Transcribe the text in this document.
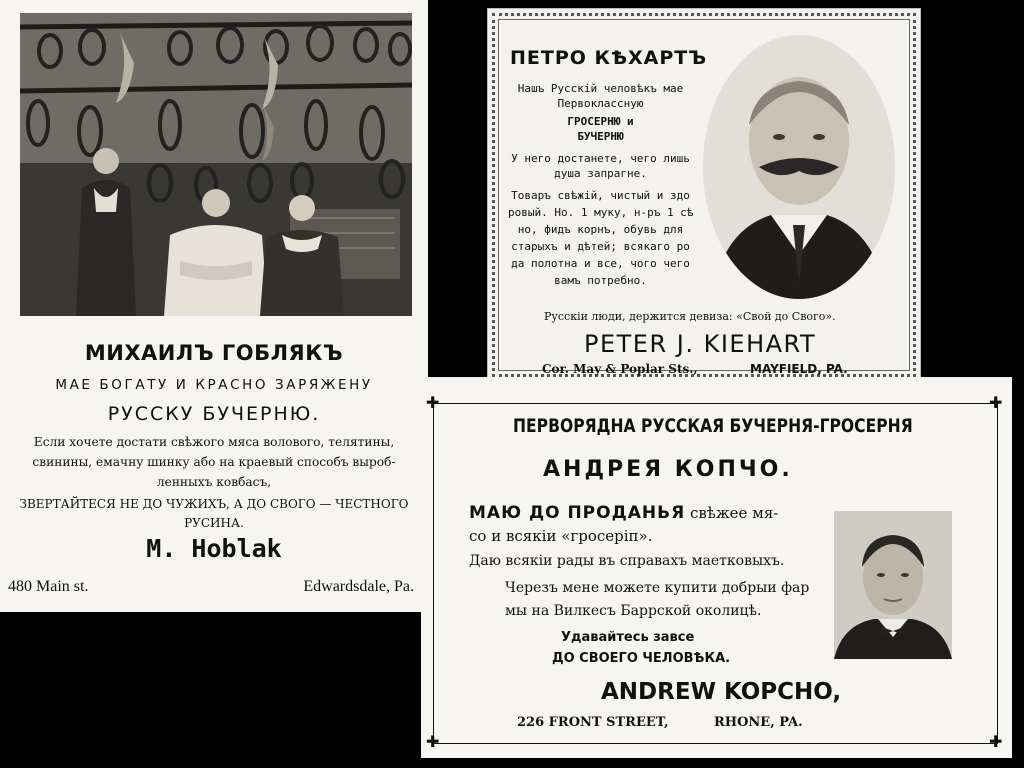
МИХАИЛЪ ГОБЛЯКЪ
МАЕ БОГАТУ И КРАСНО ЗАРЯЖЕНУ
РУССКУ БУЧЕРНЮ.
Если хочете достати свѣжого мяса волового, телятины,
свинины, емачну шинку або на краевый способъ выроб-
ленныхъ ковбасъ,
ЗВЕРТАЙТЕСЯ НЕ ДО ЧУЖИХЪ, А ДО СВОГО — ЧЕСТНОГО
РУСИНА.
M. Hoblak
480 Main st.	Edwardsdale, Pa.
ПЕТРО КѢХАРТЪ
Нашъ Русскій человѣкъ мае
Первоклассную
ГРОСЕРНЮ и
БУЧЕРНЮ
У него достанете, чего лишь
душа запрагне.
Товаръ свѣжій, чистый и здо
ровый. Но. 1 муку, н-ръ 1 сѣ
но, фидъ корнъ, обувь для
старыхъ и дѣтей; всякаго ро
да полотна и все, чого чего
вамъ потребно.
Русскіи люди, держится девиза: «Свой до Свого».
PETER J. KIEHART
Cor. May & Poplar Sts.,	MAYFIELD, PA.
✚	✚
✚	✚
ПЕРВОРЯДНА РУССКАЯ БУЧЕРНЯ-ГРОСЕРНЯ
АНДРЕЯ КОПЧО.
МАЮ ДО ПРОДАНЬЯ свѣжее мя-
со и всякіи «гросеріп».
Даю всякіи рады въ справахъ маетковыхъ.
Черезъ мене можете купити добрыи фар
мы на Вилкесъ Баррской околицѣ.
Удавайтесь завсе
ДО СВОЕГО ЧЕЛОВѢКА.
ANDREW KOPCHO,
226 FRONT STREET,	RHONE, PA.
